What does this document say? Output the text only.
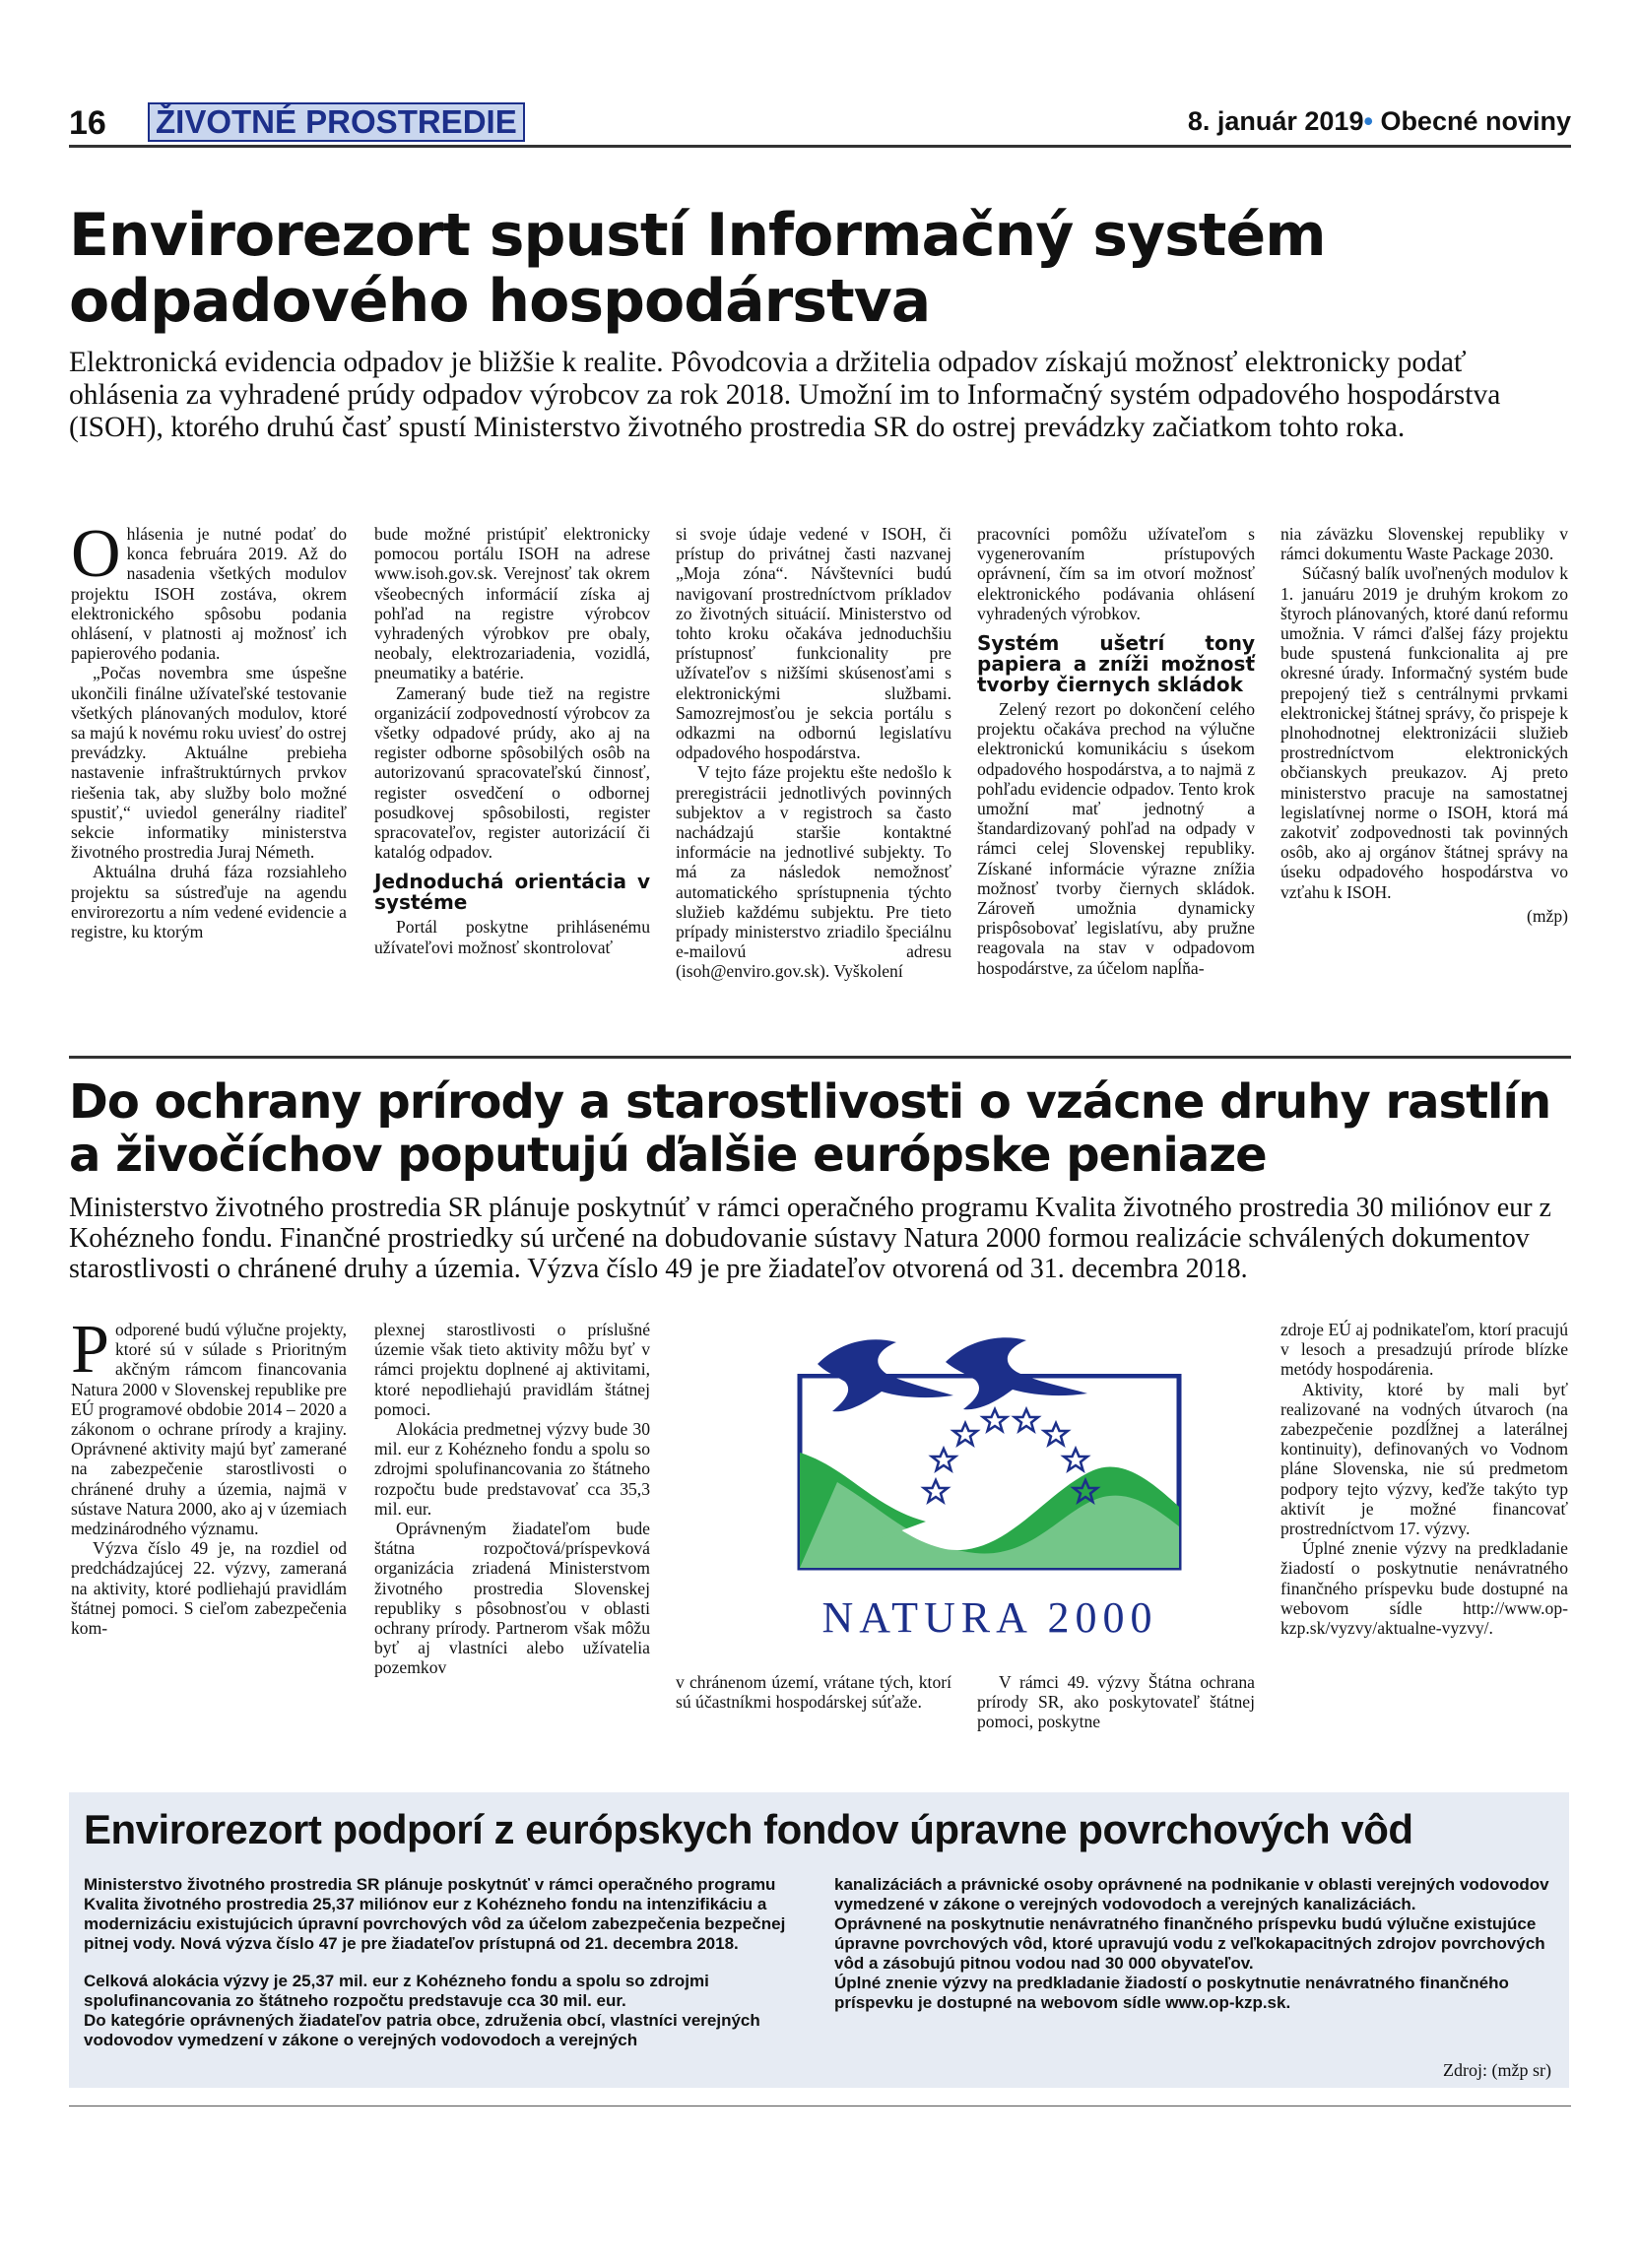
16 ŽIVOTNÉ PROSTREDIE	8. január 2019• Obecné noviny
Envirorezort spustí Informačný systém odpadového hospodárstva
Elektronická evidencia odpadov je bližšie k realite. Pôvodcovia a držitelia odpadov získajú možnosť elektronicky podať ohlásenia za vyhradené prúdy odpadov výrobcov za rok 2018. Umožní im to Informačný systém odpadového hospodárstva (ISOH), ktorého druhú časť spustí Ministerstvo životného prostredia SR do ostrej prevádzky začiatkom tohto roka.

Ohlásenia je nutné podať do konca februára 2019. Až do nasadenia všetkých modulov projektu ISOH zostáva, okrem elektronického spôsobu podania ohlásení, v platnosti aj možnosť ich papierového podania.

„Počas novembra sme úspešne ukončili finálne užívateľské testovanie všetkých plánovaných modulov, ktoré sa majú k novému roku uviesť do ostrej prevádzky. Aktuálne prebieha nastavenie infraštruktúrnych prvkov riešenia tak, aby služby bolo možné spustiť,“ uviedol generálny riaditeľ sekcie informatiky ministerstva životného prostredia Juraj Németh.

Aktuálna druhá fáza rozsiahleho projektu sa sústreďuje na agendu envirorezortu a ním vedené evidencie a registre, ku ktorým

bude možné pristúpiť elektronicky pomocou portálu ISOH na adrese www.isoh.gov.sk. Verejnosť tak okrem všeobecných informácií získa aj pohľad na registre výrobcov vyhradených výrobkov pre obaly, neobaly, elektrozariadenia, vozidlá, pneumatiky a batérie.

Zameraný bude tiež na registre organizácií zodpovedností výrobcov za všetky odpadové prúdy, ako aj na register odborne spôsobilých osôb na autorizovanú spracovateľskú činnosť, register osvedčení o odbornej posudkovej spôsobilosti, register spracovateľov, register autorizácií či katalóg odpadov.

Jednoduchá orientácia v systéme

Portál poskytne prihlásenému užívateľovi možnosť skontrolovať

si svoje údaje vedené v ISOH, či prístup do privátnej časti nazvanej „Moja zóna“. Návštevníci budú navigovaní prostredníctvom príkladov zo životných situácií. Ministerstvo od tohto kroku očakáva jednoduchšiu prístupnosť funkcionality pre užívateľov s nižšími skúsenosťami s elektronickými službami. Samozrejmosťou je sekcia portálu s odkazmi na odbornú legislatívu odpadového hospodárstva.

V tejto fáze projektu ešte nedošlo k preregistrácii jednotlivých povinných subjektov a v registroch sa často nachádzajú staršie kontaktné informácie na jednotlivé subjekty. To má za následok nemožnosť automatického sprístupnenia týchto služieb každému subjektu. Pre tieto prípady ministerstvo zriadilo špeciálnu e-mailovú adresu (isoh@enviro.gov.sk). Vyškolení

pracovníci pomôžu užívateľom s vygenerovaním prístupových oprávnení, čím sa im otvorí možnosť elektronického podávania ohlásení vyhradených výrobkov.

Systém ušetrí tony papiera a zníži možnosť tvorby čiernych skládok

Zelený rezort po dokončení celého projektu očakáva prechod na výlučne elektronickú komunikáciu s úsekom odpadového hospodárstva, a to najmä z pohľadu evidencie odpadov. Tento krok umožní mať jednotný a štandardizovaný pohľad na odpady v rámci celej Slovenskej republiky. Získané informácie výrazne znížia možnosť tvorby čiernych skládok. Zároveň umožnia dynamicky prispôsobovať legislatívu, aby pružne reagovala na stav v odpadovom hospodárstve, za účelom napĺňa-

nia záväzku Slovenskej republiky v rámci dokumentu Waste Package 2030.

Súčasný balík uvoľnených modulov k 1. januáru 2019 je druhým krokom zo štyroch plánovaných, ktoré danú reformu umožnia. V rámci ďalšej fázy projektu bude spustená funkcionalita aj pre okresné úrady. Informačný systém bude prepojený tiež s centrálnymi prvkami elektronickej štátnej správy, čo prispeje k plnohodnotnej elektronizácii služieb prostredníctvom elektronických občianskych preukazov. Aj preto ministerstvo pracuje na samostatnej legislatívnej norme o ISOH, ktorá má zakotviť zodpovednosti tak povinných osôb, ako aj orgánov štátnej správy na úseku odpadového hospodárstva vo vzťahu k ISOH.

(mžp)
Do ochrany prírody a starostlivosti o vzácne druhy rastlín a živočíchov poputujú ďalšie európske peniaze
Ministerstvo životného prostredia SR plánuje poskytnúť v rámci operačného programu Kvalita životného prostredia 30 miliónov eur z Kohézneho fondu. Finančné prostriedky sú určené na dobudovanie sústavy Natura 2000 formou realizácie schválených dokumentov starostlivosti o chránené druhy a územia. Výzva číslo 49 je pre žiadateľov otvorená od 31. decembra 2018.

Podporené budú výlučne projekty, ktoré sú v súlade s Prioritným akčným rámcom financovania Natura 2000 v Slovenskej republike pre EÚ programové obdobie 2014 – 2020 a zákonom o ochrane prírody a krajiny. Oprávnené aktivity majú byť zamerané na zabezpečenie starostlivosti o chránené druhy a územia, najmä v sústave Natura 2000, ako aj v územiach medzinárodného významu.

Výzva číslo 49 je, na rozdiel od predchádzajúcej 22. výzvy, zameraná na aktivity, ktoré podliehajú pravidlám štátnej pomoci. S cieľom zabezpečenia kom-

plexnej starostlivosti o príslušné územie však tieto aktivity môžu byť v rámci projektu doplnené aj aktivitami, ktoré nepodliehajú pravidlám štátnej pomoci.

Alokácia predmetnej výzvy bude 30 mil. eur z Kohézneho fondu a spolu so zdrojmi spolufinancovania zo štátneho rozpočtu bude predstavovať cca 35,3 mil. eur.

Oprávneným žiadateľom bude štátna rozpočtová/príspevková organizácia zriadená Ministerstvom životného prostredia Slovenskej republiky s pôsobnosťou v oblasti ochrany prírody. Partnerom však môžu byť aj vlastníci alebo užívatelia pozemkov

NATURA 2000

v chránenom území, vrátane tých, ktorí sú účastníkmi hospodárskej súťaže.

V rámci 49. výzvy Štátna ochrana prírody SR, ako poskytovateľ štátnej pomoci, poskytne

zdroje EÚ aj podnikateľom, ktorí pracujú v lesoch a presadzujú prírode blízke metódy hospodárenia.

Aktivity, ktoré by mali byť realizované na vodných útvaroch (na zabezpečenie pozdĺžnej a laterálnej kontinuity), definovaných vo Vodnom pláne Slovenska, nie sú predmetom podpory tejto výzvy, keďže takýto typ aktivít je možné financovať prostredníctvom 17. výzvy.

Úplné znenie výzvy na predkladanie žiadostí o poskytnutie nenávratného finančného príspevku bude dostupné na webovom sídle http://www.op-kzp.sk/vyzvy/aktualne-vyzvy/.

Envirorezort podporí z európskych fondov úpravne povrchových vôd

Ministerstvo životného prostredia SR plánuje poskytnúť v rámci operačného programu Kvalita životného prostredia 25,37 miliónov eur z Kohézneho fondu na intenzifikáciu a modernizáciu existujúcich úpravní povrchových vôd za účelom zabezpečenia bezpečnej pitnej vody. Nová výzva číslo 47 je pre žiadateľov prístupná od 21. decembra 2018.

Celková alokácia výzvy je 25,37 mil. eur z Kohézneho fondu a spolu so zdrojmi spolufinancovania zo štátneho rozpočtu predstavuje cca 30 mil. eur.

Do kategórie oprávnených žiadateľov patria obce, združenia obcí, vlastníci verejných vodovodov vymedzení v zákone o verejných vodovodoch a verejných

kanalizáciách a právnické osoby oprávnené na podnikanie v oblasti verejných vodovodov vymedzené v zákone o verejných vodovodoch a verejných kanalizáciách.

Oprávnené na poskytnutie nenávratného finančného príspevku budú výlučne existujúce úpravne povrchových vôd, ktoré upravujú vodu z veľkokapacitných zdrojov povrchových vôd a zásobujú pitnou vodou nad 30 000 obyvateľov.

Úplné znenie výzvy na predkladanie žiadostí o poskytnutie nenávratného finančného príspevku je dostupné na webovom sídle www.op-kzp.sk.

Zdroj: (mžp sr)
